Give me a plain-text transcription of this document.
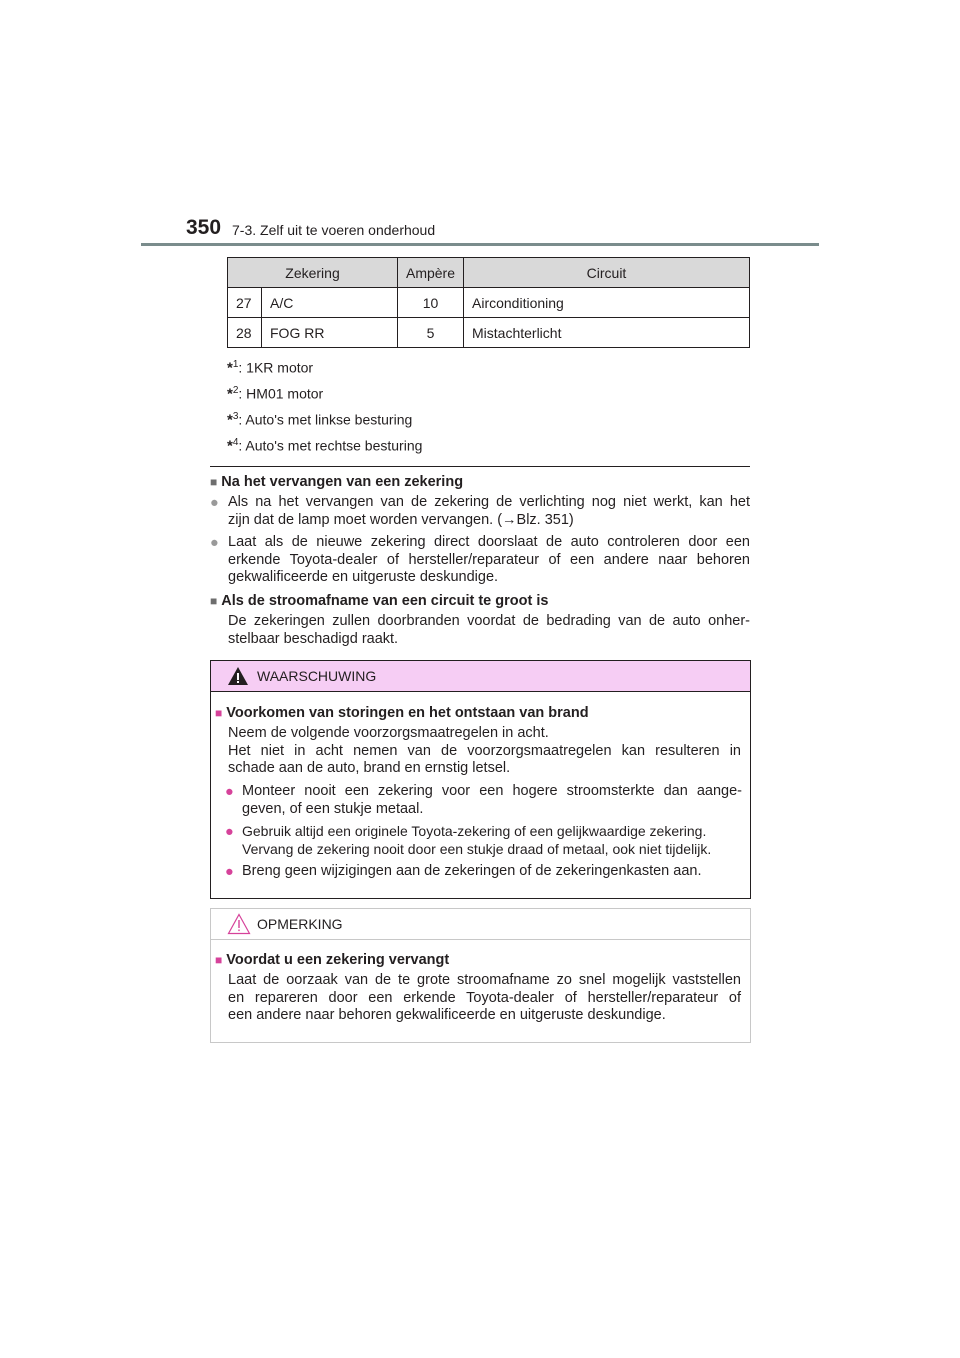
350 7-3. Zelf uit te voeren onderhoud
Zekering		Ampère	Circuit
27	A/C	10	Airconditioning
28	FOG RR	5	Mistachterlicht
*$^1$: 1KR motor
*$^2$: HM01 motor
*$^3$: Auto's met linkse besturing
*$^4$: Auto's met rechtse besturing
■ Na het vervangen van een zekering
● Als na het vervangen van de zekering de verlichting nog niet werkt, kan het
zijn dat de lamp moet worden vervangen. (→Blz. 351)
● Laat als de nieuwe zekering direct doorslaat de auto controleren door een
erkende Toyota-dealer of hersteller/reparateur of een andere naar behoren
gekwalificeerde en uitgeruste deskundige.
■ Als de stroomafname van een circuit te groot is
De zekeringen zullen doorbranden voordat de bedrading van de auto onher-
stelbaar beschadigd raakt.
WAARSCHUWING
■ Voorkomen van storingen en het ontstaan van brand
Neem de volgende voorzorgsmaatregelen in acht.
Het niet in acht nemen van de voorzorgsmaatregelen kan resulteren in
schade aan de auto, brand en ernstig letsel.
● Monteer nooit een zekering voor een hogere stroomsterkte dan aange-
geven, of een stukje metaal.
● Gebruik altijd een originele Toyota-zekering of een gelijkwaardige zekering.
Vervang de zekering nooit door een stukje draad of metaal, ook niet tijdelijk.
● Breng geen wijzigingen aan de zekeringen of de zekeringenkasten aan.
OPMERKING
■ Voordat u een zekering vervangt
Laat de oorzaak van de te grote stroomafname zo snel mogelijk vaststellen
en repareren door een erkende Toyota-dealer of hersteller/reparateur of
een andere naar behoren gekwalificeerde en uitgeruste deskundige.
